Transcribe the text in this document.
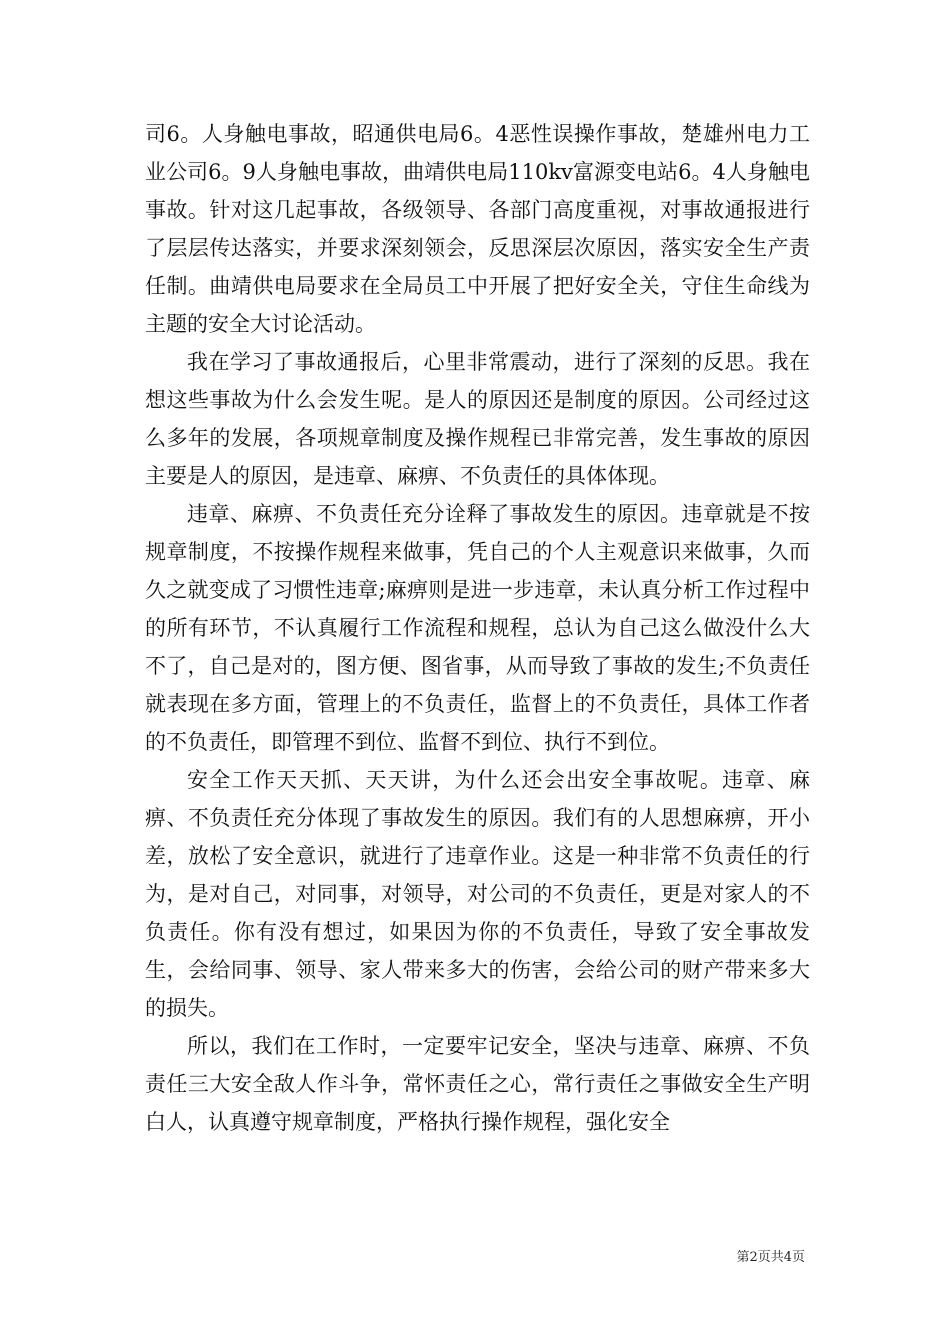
司6。人身触电事故，昭通供电局6。4恶性误操作事故，楚雄州电力工业公司6。9人身触电事故，曲靖供电局110kv富源变电站6。4人身触电事故。针对这几起事故，各级领导、各部门高度重视，对事故通报进行了层层传达落实，并要求深刻领会，反思深层次原因，落实安全生产责任制。曲靖供电局要求在全局员工中开展了把好安全关，守住生命线为主题的安全大讨论活动。

我在学习了事故通报后，心里非常震动，进行了深刻的反思。我在想这些事故为什么会发生呢。是人的原因还是制度的原因。公司经过这么多年的发展，各项规章制度及操作规程已非常完善，发生事故的原因主要是人的原因，是违章、麻痹、不负责任的具体体现。

违章、麻痹、不负责任充分诠释了事故发生的原因。违章就是不按规章制度，不按操作规程来做事，凭自己的个人主观意识来做事，久而久之就变成了习惯性违章;麻痹则是进一步违章，未认真分析工作过程中的所有环节，不认真履行工作流程和规程，总认为自己这么做没什么大不了，自己是对的，图方便、图省事，从而导致了事故的发生;不负责任就表现在多方面，管理上的不负责任，监督上的不负责任，具体工作者的不负责任，即管理不到位、监督不到位、执行不到位。

安全工作天天抓、天天讲，为什么还会出安全事故呢。违章、麻痹、不负责任充分体现了事故发生的原因。我们有的人思想麻痹，开小差，放松了安全意识，就进行了违章作业。这是一种非常不负责任的行为，是对自己，对同事，对领导，对公司的不负责任，更是对家人的不负责任。你有没有想过，如果因为你的不负责任，导致了安全事故发生，会给同事、领导、家人带来多大的伤害，会给公司的财产带来多大的损失。

所以，我们在工作时，一定要牢记安全，坚决与违章、麻痹、不负责任三大安全敌人作斗争，常怀责任之心，常行责任之事做安全生产明白人，认真遵守规章制度，严格执行操作规程，强化安全

第2页共4页
